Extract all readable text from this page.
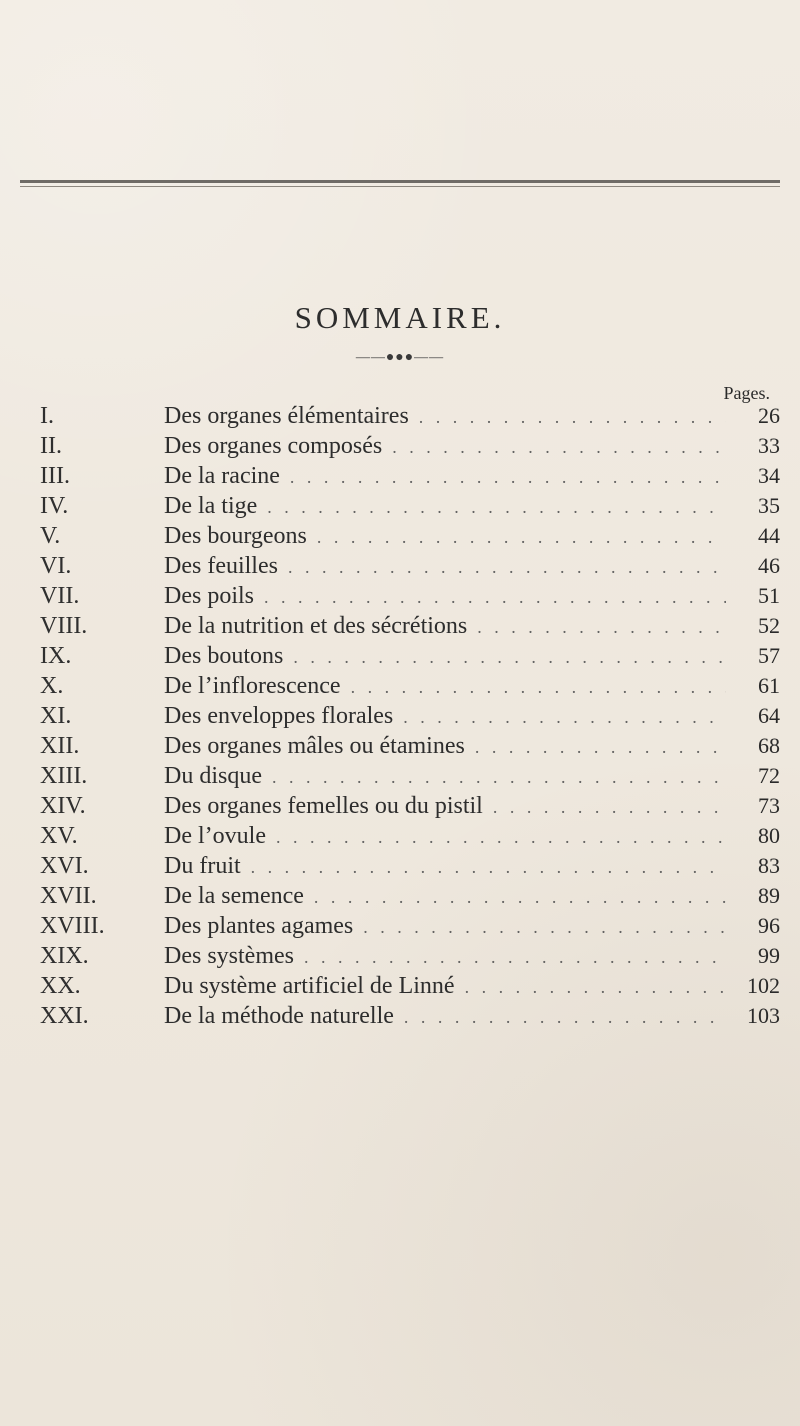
SOMMAIRE.
——●●●——
Pages.
I.	Des organes élémentaires . . .	26
II.	Des organes composés . . .	33
III.	De la racine . . .	34
IV.	De la tige . . .	35
V.	Des bourgeons . . .	44
VI.	Des feuilles . . .	46
VII.	Des poils . . .	51
VIII.	De la nutrition et des sécrétions . . .	52
IX.	Des boutons . . .	57
X.	De l’inflorescence . . .	61
XI.	Des enveloppes florales . . .	64
XII.	Des organes mâles ou étamines . . .	68
XIII.	Du disque . . .	72
XIV.	Des organes femelles ou du pistil . . .	73
XV.	De l’ovule . . .	80
XVI.	Du fruit . . .	83
XVII.	De la semence . . .	89
XVIII.	Des plantes agames . . .	96
XIX.	Des systèmes . . .	99
XX.	Du système artificiel de Linné . . .	102
XXI.	De la méthode naturelle . . .	103
